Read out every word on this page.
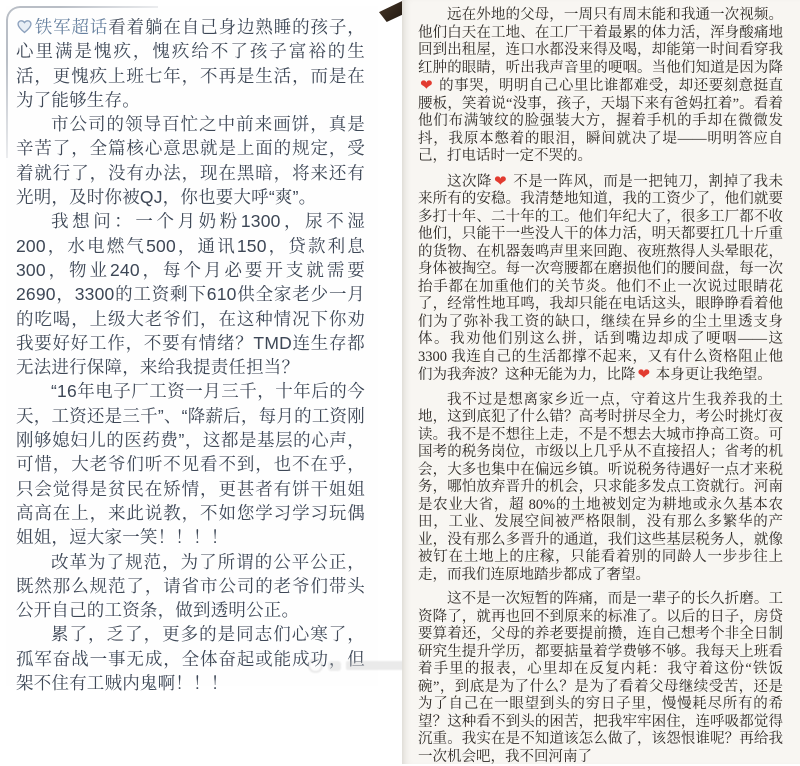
铁军超话看着躺在自己身边熟睡的孩子，心里满是愧疚，愧疚给不了孩子富裕的生活，更愧疚上班七年，不再是生活，而是在为了能够生存。

市公司的领导百忙之中前来画饼，真是辛苦了，全篇核心意思就是上面的规定，受着就行了，没有办法，现在黑暗，将来还有光明，及时你被QJ，你也要大呼“爽”。

我想问：一个月奶粉1300，尿不湿200，水电燃气500，通讯150，贷款利息300，物业240，每个月必要开支就需要2690，3300的工资剩下610供全家老少一月的吃喝，上级大老爷们，在这种情况下你劝我要好好工作，不要有情绪？TMD连生存都无法进行保障，来给我提责任担当？

“16年电子厂工资一月三千，十年后的今天，工资还是三千”、“降薪后，每月的工资刚刚够媳妇儿的医药费”，这都是基层的心声，可惜，大老爷们听不见看不到，也不在乎，只会觉得是贫民在矫情，更甚者有饼干姐姐高高在上，来此说教，不如您学习学习玩偶姐姐，逗大家一笑！！！！

改革为了规范，为了所谓的公平公正，既然那么规范了，请省市公司的老爷们带头公开自己的工资条，做到透明公正。

累了，乏了，更多的是同志们心寒了，孤军奋战一事无成，全体奋起或能成功，但架不住有工贼内鬼啊！！！

远在外地的父母，一周只有周末能和我通一次视频。他们白天在工地、在工厂干着最累的体力活，浑身酸痛地回到出租屋，连口水都没来得及喝，却能第一时间看穿我红肿的眼睛，听出我声音里的哽咽。当他们知道是因为降❤ 的事哭，明明自己心里比谁都难受，却还要刻意挺直腰板，笑着说“没事，孩子，天塌下来有爸妈扛着”。看着他们布满皱纹的脸强装大方，握着手机的手却在微微发抖，我原本憋着的眼泪，瞬间就决了堤——明明答应自己，打电话时一定不哭的。

这次降 ❤ 不是一阵风，而是一把钝刀，割掉了我未来所有的安稳。我清楚地知道，我的工资少了，他们就要多打十年、二十年的工。他们年纪大了，很多工厂都不收他们，只能干一些没人干的体力活，明天都要扛几十斤重的货物、在机器轰鸣声里来回跑、夜班熬得人头晕眼花，身体被掏空。每一次弯腰都在磨损他们的腰间盘，每一次抬手都在加重他们的关节炎。他们不止一次说过眼睛花了，经常性地耳鸣，我却只能在电话这头，眼睁睁看着他们为了弥补我工资的缺口，继续在异乡的尘土里透支身体。我劝他们别这么拼，话到嘴边却成了哽咽——这 3300 我连自己的生活都撑不起来，又有什么资格阻止他们为我奔波？这种无能为力，比降 ❤ 本身更让我绝望。

我不过是想离家乡近一点，守着这片生我养我的土地，这到底犯了什么错？高考时拼尽全力，考公时挑灯夜读。我不是不想往上走，不是不想去大城市挣高工资。可国考的税务岗位，市级以上几乎从不直接招人；省考的机会，大多也集中在偏远乡镇。听说税务待遇好一点才来税务，哪怕放弃晋升的机会，只求能多发点工资就行。河南是农业大省，超 80%的土地被划定为耕地或永久基本农田，工业、发展空间被严格限制，没有那么多繁华的产业，没有那么多晋升的通道，我们这些基层税务人，就像被钉在土地上的庄稼，只能看着别的同龄人一步步往上走，而我们连原地踏步都成了奢望。

这不是一次短暂的阵痛，而是一辈子的长久折磨。工资降了，就再也回不到原来的标准了。以后的日子，房贷要算着还，父母的养老要提前攒，连自己想考个非全日制研究生提升学历，都要掂量着学费够不够。我每天上班看着手里的报表，心里却在反复内耗：我守着这份“铁饭碗”，到底是为了什么？是为了看着父母继续受苦，还是为了自己在一眼望到头的穷日子里，慢慢耗尽所有的希望？这种看不到头的困苦，把我牢牢困住，连呼吸都觉得沉重。我实在是不知道该怎么做了，该怨恨谁呢？再给我一次机会吧，我不回河南了
